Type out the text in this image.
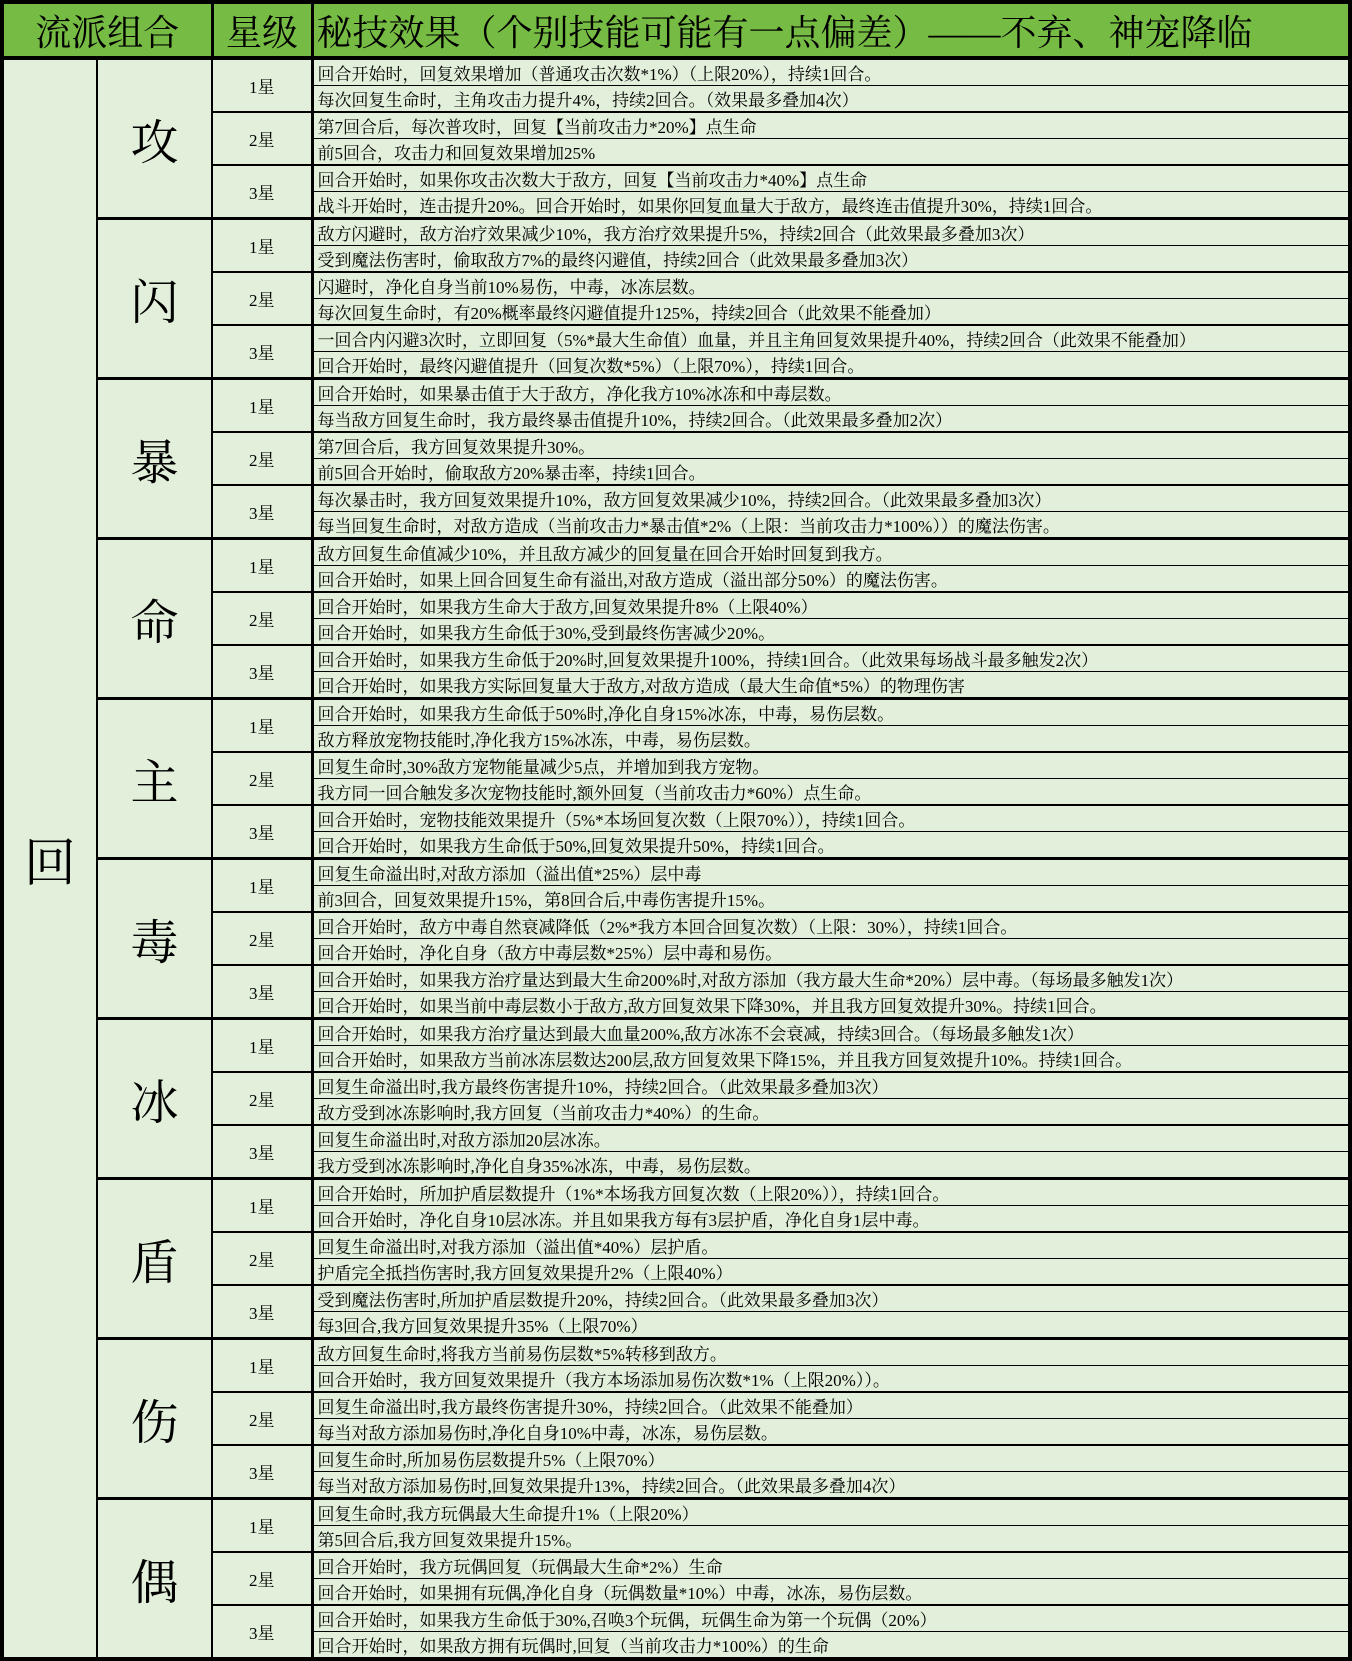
流派组合		星级	秘技效果（个别技能可能有一点偏差）——不弃、神宠降临
回	攻	1星	回合开始时，回复效果增加（普通攻击次数*1%）（上限20%），持续1回合。
			每次回复生命时，主角攻击力提升4%，持续2回合。（效果最多叠加4次）
		2星	第7回合后，每次普攻时，回复【当前攻击力*20%】点生命
			前5回合，攻击力和回复效果增加25%
		3星	回合开始时，如果你攻击次数大于敌方，回复【当前攻击力*40%】点生命
			战斗开始时，连击提升20%。回合开始时，如果你回复血量大于敌方，最终连击值提升30%，持续1回合。
	闪	1星	敌方闪避时，敌方治疗效果减少10%，我方治疗效果提升5%，持续2回合（此效果最多叠加3次）
			受到魔法伤害时，偷取敌方7%的最终闪避值，持续2回合（此效果最多叠加3次）
		2星	闪避时，净化自身当前10%易伤，中毒，冰冻层数。
			每次回复生命时，有20%概率最终闪避值提升125%，持续2回合（此效果不能叠加）
		3星	一回合内闪避3次时，立即回复（5%*最大生命值）血量，并且主角回复效果提升40%，持续2回合（此效果不能叠加）
			回合开始时，最终闪避值提升（回复次数*5%）（上限70%），持续1回合。
	暴	1星	回合开始时，如果暴击值于大于敌方，净化我方10%冰冻和中毒层数。
			每当敌方回复生命时，我方最终暴击值提升10%，持续2回合。（此效果最多叠加2次）
		2星	第7回合后，我方回复效果提升30%。
			前5回合开始时，偷取敌方20%暴击率，持续1回合。
		3星	每次暴击时，我方回复效果提升10%，敌方回复效果减少10%，持续2回合。（此效果最多叠加3次）
			每当回复生命时，对敌方造成（当前攻击力*暴击值*2%（上限：当前攻击力*100%））的魔法伤害。
	命	1星	敌方回复生命值减少10%，并且敌方减少的回复量在回合开始时回复到我方。
			回合开始时，如果上回合回复生命有溢出,对敌方造成（溢出部分50%）的魔法伤害。
		2星	回合开始时，如果我方生命大于敌方,回复效果提升8%（上限40%）
			回合开始时，如果我方生命低于30%,受到最终伤害减少20%。
		3星	回合开始时，如果我方生命低于20%时,回复效果提升100%，持续1回合。（此效果每场战斗最多触发2次）
			回合开始时，如果我方实际回复量大于敌方,对敌方造成（最大生命值*5%）的物理伤害
	主	1星	回合开始时，如果我方生命低于50%时,净化自身15%冰冻，中毒，易伤层数。
			敌方释放宠物技能时,净化我方15%冰冻，中毒，易伤层数。
		2星	回复生命时,30%敌方宠物能量减少5点，并增加到我方宠物。
			我方同一回合触发多次宠物技能时,额外回复（当前攻击力*60%）点生命。
		3星	回合开始时，宠物技能效果提升（5%*本场回复次数（上限70%）），持续1回合。
			回合开始时，如果我方生命低于50%,回复效果提升50%，持续1回合。
	毒	1星	回复生命溢出时,对敌方添加（溢出值*25%）层中毒
			前3回合，回复效果提升15%，第8回合后,中毒伤害提升15%。
		2星	回合开始时，敌方中毒自然衰减降低（2%*我方本回合回复次数）（上限：30%），持续1回合。
			回合开始时，净化自身（敌方中毒层数*25%）层中毒和易伤。
		3星	回合开始时，如果我方治疗量达到最大生命200%时,对敌方添加（我方最大生命*20%）层中毒。（每场最多触发1次）
			回合开始时，如果当前中毒层数小于敌方,敌方回复效果下降30%，并且我方回复效提升30%。持续1回合。
	冰	1星	回合开始时，如果我方治疗量达到最大血量200%,敌方冰冻不会衰减，持续3回合。（每场最多触发1次）
			回合开始时，如果敌方当前冰冻层数达200层,敌方回复效果下降15%，并且我方回复效提升10%。持续1回合。
		2星	回复生命溢出时,我方最终伤害提升10%，持续2回合。（此效果最多叠加3次）
			敌方受到冰冻影响时,我方回复（当前攻击力*40%）的生命。
		3星	回复生命溢出时,对敌方添加20层冰冻。
			我方受到冰冻影响时,净化自身35%冰冻，中毒，易伤层数。
	盾	1星	回合开始时，所加护盾层数提升（1%*本场我方回复次数（上限20%）），持续1回合。
			回合开始时，净化自身10层冰冻。并且如果我方每有3层护盾，净化自身1层中毒。
		2星	回复生命溢出时,对我方添加（溢出值*40%）层护盾。
			护盾完全抵挡伤害时,我方回复效果提升2%（上限40%）
		3星	受到魔法伤害时,所加护盾层数提升20%，持续2回合。（此效果最多叠加3次）
			每3回合,我方回复效果提升35%（上限70%）
	伤	1星	敌方回复生命时,将我方当前易伤层数*5%转移到敌方。
			回合开始时，我方回复效果提升（我方本场添加易伤次数*1%（上限20%））。
		2星	回复生命溢出时,我方最终伤害提升30%，持续2回合。（此效果不能叠加）
			每当对敌方添加易伤时,净化自身10%中毒，冰冻，易伤层数。
		3星	回复生命时,所加易伤层数提升5%（上限70%）
			每当对敌方添加易伤时,回复效果提升13%，持续2回合。（此效果最多叠加4次）
	偶	1星	回复生命时,我方玩偶最大生命提升1%（上限20%）
			第5回合后,我方回复效果提升15%。
		2星	回合开始时，我方玩偶回复（玩偶最大生命*2%）生命
			回合开始时，如果拥有玩偶,净化自身（玩偶数量*10%）中毒，冰冻，易伤层数。
		3星	回合开始时，如果我方生命低于30%,召唤3个玩偶，玩偶生命为第一个玩偶（20%）
			回合开始时，如果敌方拥有玩偶时,回复（当前攻击力*100%）的生命
